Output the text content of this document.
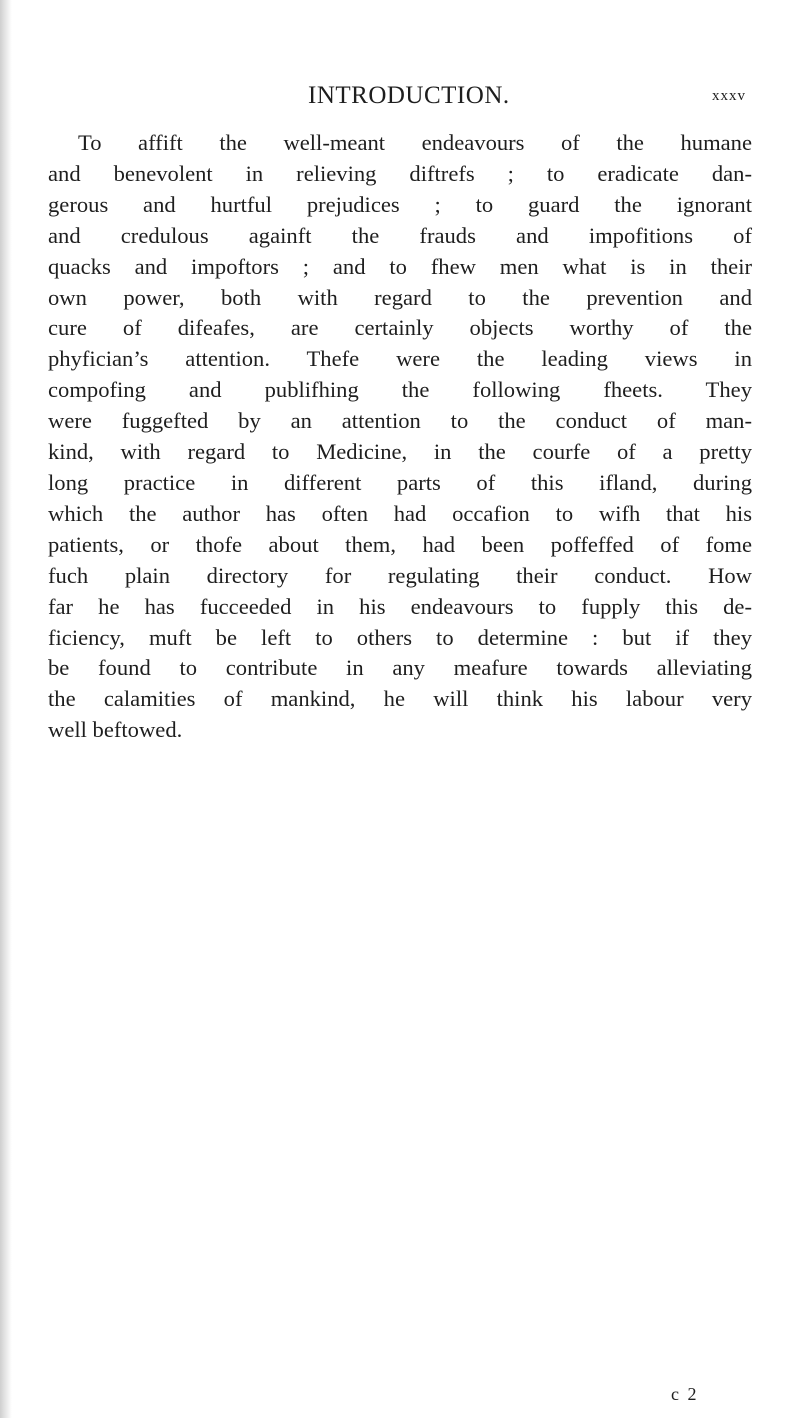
INTRODUCTION.	xxxv

To affift the well-meant endeavours of the humane
and benevolent in relieving diftrefs ; to eradicate dan-
gerous and hurtful prejudices ; to guard the ignorant
and credulous againft the frauds and impofitions of
quacks and impoftors ; and to fhew men what is in their
own power, both with regard to the prevention and
cure of difeafes, are certainly objects worthy of the
phyfician’s attention. Thefe were the leading views in
compofing and publifhing the following fheets. They
were fuggefted by an attention to the conduct of man-
kind, with regard to Medicine, in the courfe of a pretty
long practice in different parts of this ifland, during
which the author has often had occafion to wifh that his
patients, or thofe about them, had been poffeffed of fome
fuch plain directory for regulating their conduct. How
far he has fucceeded in his endeavours to fupply this de-
ficiency, muft be left to others to determine : but if they
be found to contribute in any meafure towards alleviating
the calamities of mankind, he will think his labour very
well beftowed.

c 2
